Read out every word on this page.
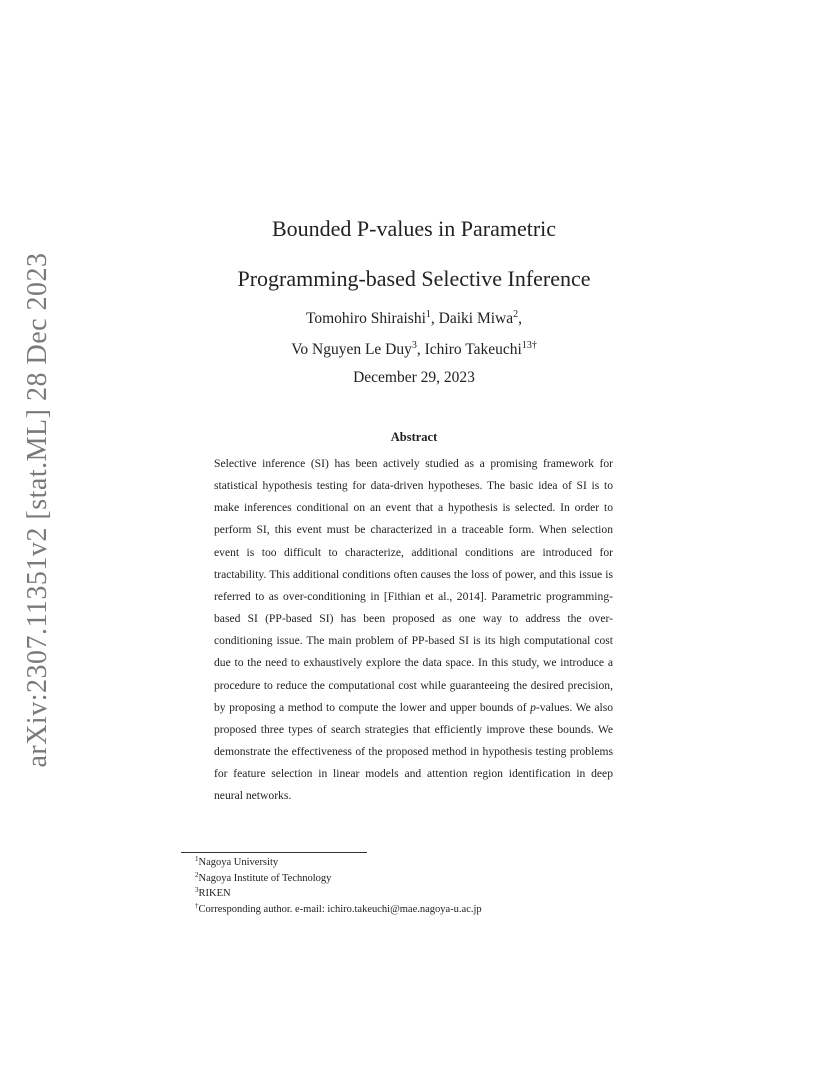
arXiv:2307.11351v2 [stat.ML] 28 Dec 2023
Bounded P-values in Parametric
Programming-based Selective Inference
Tomohiro Shiraishi$^1$, Daiki Miwa$^2$,
Vo Nguyen Le Duy$^3$, Ichiro Takeuchi$^{13\dagger}$
December 29, 2023
Abstract
Selective inference (SI) has been actively studied as a promising framework for statistical hypothesis testing for data-driven hypotheses. The basic idea of SI is to make inferences conditional on an event that a hypothesis is selected. In order to perform SI, this event must be characterized in a traceable form. When selection event is too difficult to characterize, additional conditions are introduced for tractability. This additional conditions often causes the loss of power, and this issue is referred to as over-conditioning in [Fithian et al., 2014]. Parametric programming-based SI (PP-based SI) has been proposed as one way to address the over-conditioning issue. The main problem of PP-based SI is its high computational cost due to the need to exhaustively explore the data space. In this study, we introduce a procedure to reduce the computational cost while guaranteeing the desired precision, by proposing a method to compute the lower and upper bounds of p-values. We also proposed three types of search strategies that efficiently improve these bounds. We demonstrate the effectiveness of the proposed method in hypothesis testing problems for feature selection in linear models and attention region identification in deep neural networks.
$^1$Nagoya University
$^2$Nagoya Institute of Technology
$^3$RIKEN
†Corresponding author. e-mail: ichiro.takeuchi@mae.nagoya-u.ac.jp
